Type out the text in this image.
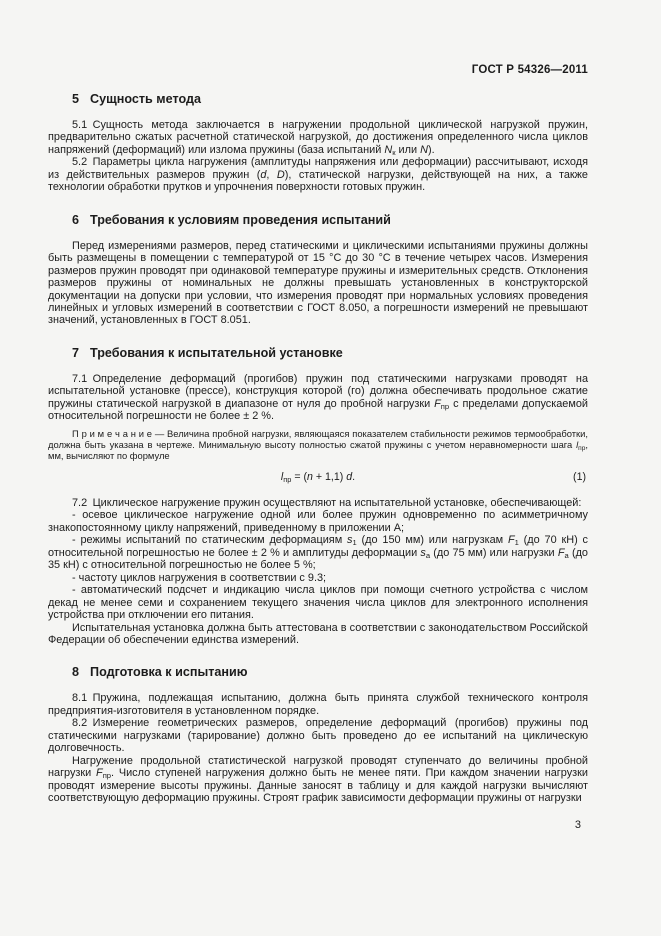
ГОСТ Р 54326—2011
5 Сущность метода

5.1 Сущность метода заключается в нагружении продольной циклической нагрузкой пружин, предварительно сжатых расчетной статической нагрузкой, до достижения определенного числа циклов напряжений (деформаций) или излома пружины (база испытаний $N_к$ или N).

5.2 Параметры цикла нагружения (амплитуды напряжения или деформации) рассчитывают, исходя из действительных размеров пружин (d, D), статической нагрузки, действующей на них, а также технологии обработки прутков и упрочнения поверхности готовых пружин.

6 Требования к условиям проведения испытаний

Перед измерениями размеров, перед статическими и циклическими испытаниями пружины должны быть размещены в помещении с температурой от 15 °С до 30 °С в течение четырех часов. Измерения размеров пружин проводят при одинаковой температуре пружины и измерительных средств. Отклонения размеров пружины от номинальных не должны превышать установленных в конструкторской документации на допуски при условии, что измерения проводят при нормальных условиях проведения линейных и угловых измерений в соответствии с ГОСТ 8.050, а погрешности измерений не превышают значений, установленных в ГОСТ 8.051.

7 Требования к испытательной установке

7.1 Определение деформаций (прогибов) пружин под статическими нагрузками проводят на испытательной установке (прессе), конструкция которой (го) должна обеспечивать продольное сжатие пружины статической нагрузкой в диапазоне от нуля до пробной нагрузки $F_{пр}$ с пределами допускаемой относительной погрешности не более ± 2 %.

П р и м е ч а н и е — Величина пробной нагрузки, являющаяся показателем стабильности режимов термообработки, должна быть указана в чертеже. Минимальную высоту полностью сжатой пружины с учетом неравномерности шага $l_{пр}$, мм, вычисляют по формуле

$l_{пр} = (n + 1,1)$ d.	(1)

7.2 Циклическое нагружение пружин осуществляют на испытательной установке, обеспечивающей:

- осевое циклическое нагружение одной или более пружин одновременно по асимметричному знакопостоянному циклу напряжений, приведенному в приложении А;

- режимы испытаний по статическим деформациям $s_1$ (до 150 мм) или нагрузкам $F_1$ (до 70 кН) с относительной погрешностью не более ± 2 % и амплитуды деформации $s_a$ (до 75 мм) или нагрузки $F_a$ (до 35 кН) с относительной погрешностью не более 5 %;

- частоту циклов нагружения в соответствии с 9.3;

- автоматический подсчет и индикацию числа циклов при помощи счетного устройства с числом декад не менее семи и сохранением текущего значения числа циклов для электронного исполнения устройства при отключении его питания.

Испытательная установка должна быть аттестована в соответствии с законодательством Российской Федерации об обеспечении единства измерений.

8 Подготовка к испытанию

8.1 Пружина, подлежащая испытанию, должна быть принята службой технического контроля предприятия-изготовителя в установленном порядке.

8.2 Измерение геометрических размеров, определение деформаций (прогибов) пружины под статическими нагрузками (тарирование) должно быть проведено до ее испытаний на циклическую долговечность.

Нагружение продольной статистической нагрузкой проводят ступенчато до величины пробной нагрузки $F_{пр}$. Число ступеней нагружения должно быть не менее пяти. При каждом значении нагрузки проводят измерение высоты пружины. Данные заносят в таблицу и для каждой нагрузки вычисляют соответствующую деформацию пружины. Строят график зависимости деформации пружины от нагрузки

3
